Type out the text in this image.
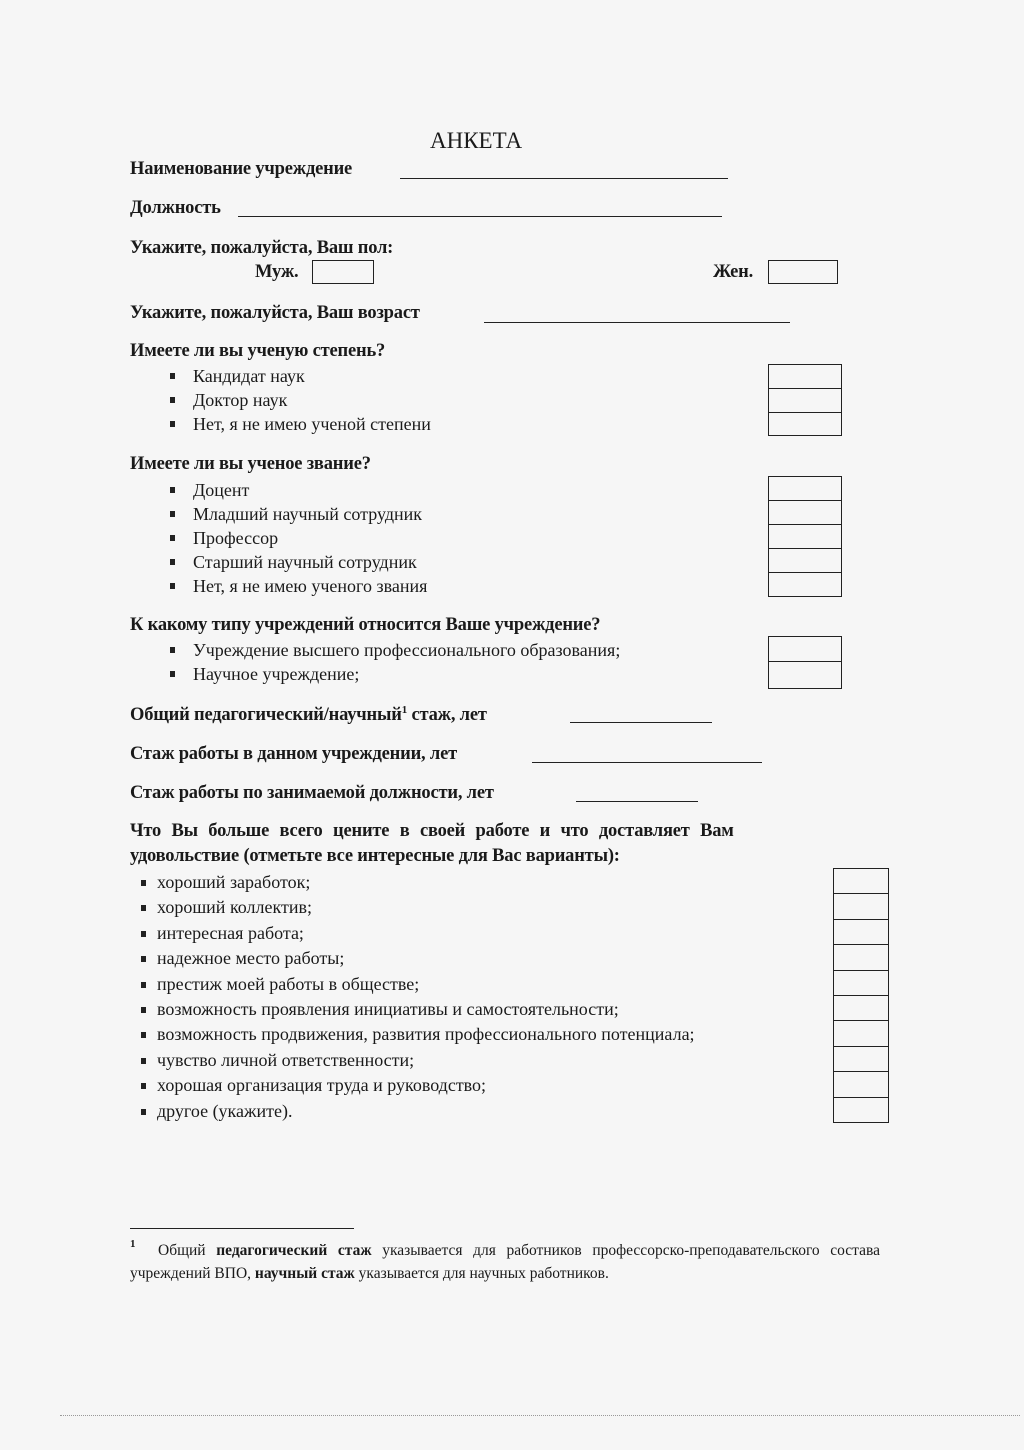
АНКЕТА
Наименование учреждение
Должность
Укажите, пожалуйста, Ваш пол:
Муж.	Жен.
Укажите, пожалуйста, Ваш возраст
Имеете ли вы ученую степень?
Кандидат наук
Доктор наук
Нет, я не имею ученой степени
Имеете ли вы ученое звание?
Доцент
Младший научный сотрудник
Профессор
Старший научный сотрудник
Нет, я не имею ученого звания
К какому типу учреждений относится Ваше учреждение?
Учреждение высшего профессионального образования;
Научное учреждение;
Общий педагогический/научный$^1$ стаж, лет
Стаж работы в данном учреждении, лет
Стаж работы по занимаемой должности, лет
Что Вы больше всего цените в своей работе и что доставляет Вам
удовольствие (отметьте все интересные для Вас варианты):
хороший заработок;
хороший коллектив;
интересная работа;
надежное место работы;
престиж моей работы в обществе;
возможность проявления инициативы и самостоятельности;
возможность продвижения, развития профессионального потенциала;
чувство личной ответственности;
хорошая организация труда и руководство;
другое (укажите).
1	Общий педагогический стаж указывается для работников профессорско-преподавательского состава учреждений ВПО, научный стаж указывается для научных работников.
